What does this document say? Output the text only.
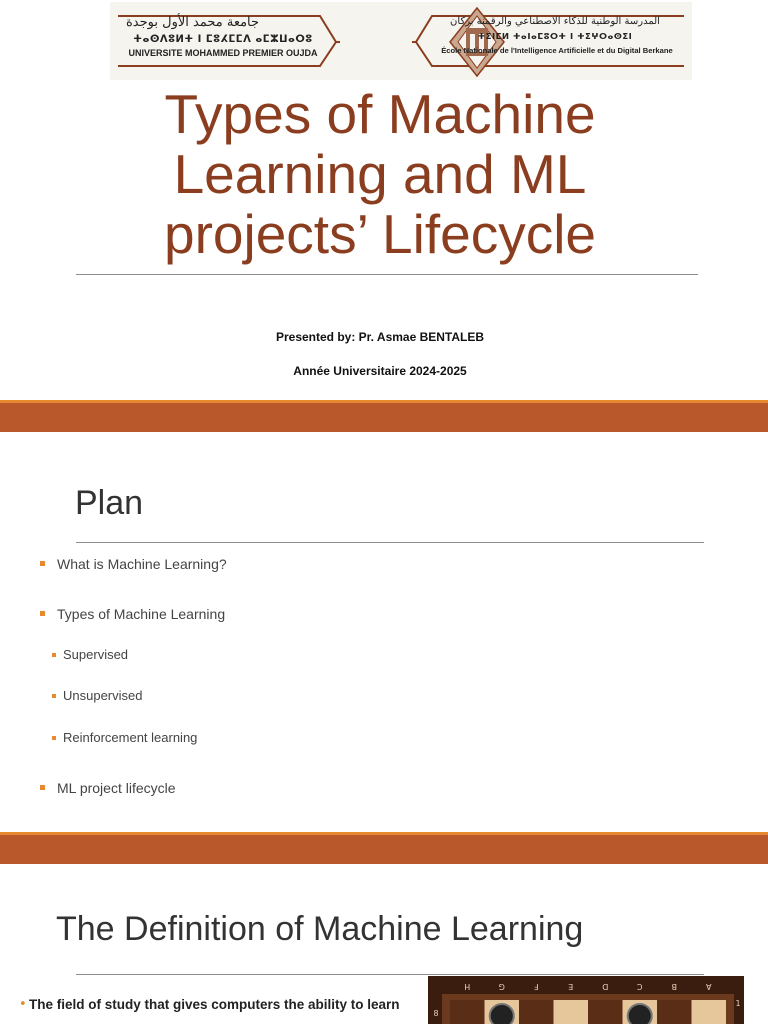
جامعة محمد الأول بوجدة
ⵜⴰⵙⴷⵓⵍⵜ ⵏ ⵎⵓⵃⵎⵎⴷ ⴰⵎⵣⵡⴰⵔⵓ
UNIVERSITE MOHAMMED PREMIER OUJDA
المدرسة الوطنية للذكاء الاصطناعي والرقمنة بركان
ⵜⵉⵏⵎⵍ ⵜⴰⵏⴰⵎⵓⵔⵜ ⵏ ⵜⵉⵖⵔⴰⵙⵉⵏ
École Nationale de l'Intelligence Artificielle et du Digital Berkane
Types of Machine
Learning and ML
projects’ Lifecycle
Presented by: Pr. Asmae BENTALEB
Année Universitaire 2024-2025
Plan
What is Machine Learning?
Types of Machine Learning
Supervised
Unsupervised
Reinforcement learning
ML project lifecycle
The Definition of Machine Learning
• The field of study that gives computers the ability to learn
H	G	F	E	D	C	B	A
8
1
